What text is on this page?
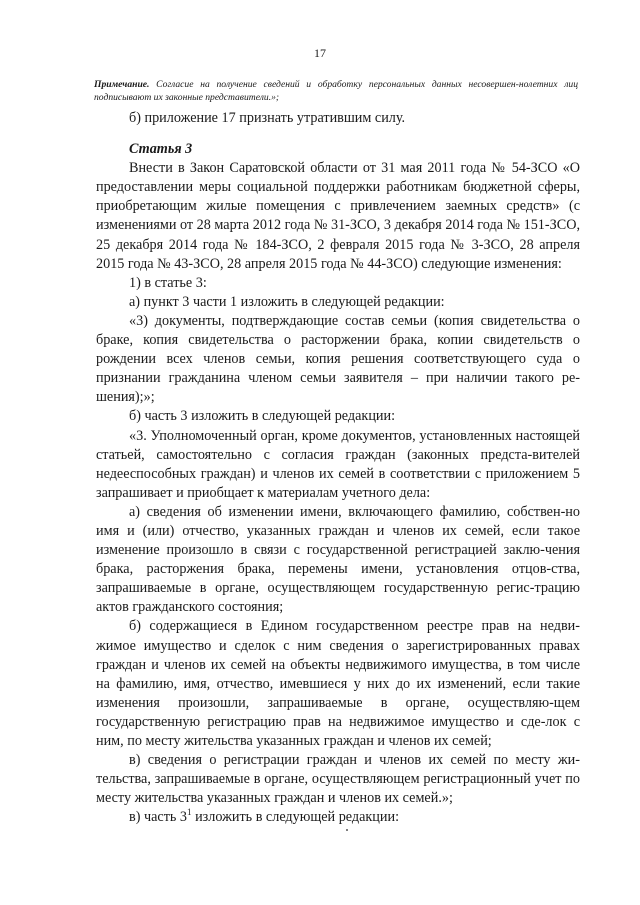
17
Примечание. Согласие на получение сведений и обработку персональных данных несовершен-нолетних лиц подписывают их законные представители.»;

б) приложение 17 признать утратившим силу.

Статья 3

Внести в Закон Саратовской области от 31 мая 2011 года № 54-ЗСО «О предоставлении меры социальной поддержки работникам бюджетной сферы, приобретающим жилые помещения с привлечением заемных средств» (с изменениями от 28 марта 2012 года № 31-ЗСО, 3 декабря 2014 года № 151-ЗСО, 25 декабря 2014 года № 184-ЗСО, 2 февраля 2015 года № 3-ЗСО, 28 апреля 2015 года № 43-ЗСО, 28 апреля 2015 года № 44-ЗСО) следующие изменения:

1) в статье 3:

а) пункт 3 части 1 изложить в следующей редакции:

«3) документы, подтверждающие состав семьи (копия свидетельства о браке, копия свидетельства о расторжении брака, копии свидетельств о рождении всех членов семьи, копия решения соответствующего суда о признании гражданина членом семьи заявителя – при наличии такого ре-шения);»;

б) часть 3 изложить в следующей редакции:

«3. Уполномоченный орган, кроме документов, установленных настоящей статьей, самостоятельно с согласия граждан (законных предста-вителей недееспособных граждан) и членов их семей в соответствии с приложением 5 запрашивает и приобщает к материалам учетного дела:

а) сведения об изменении имени, включающего фамилию, собствен-но имя и (или) отчество, указанных граждан и членов их семей, если такое изменение произошло в связи с государственной регистрацией заклю-чения брака, расторжения брака, перемены имени, установления отцов-ства, запрашиваемые в органе, осуществляющем государственную регис-трацию актов гражданского состояния;

б) содержащиеся в Едином государственном реестре прав на недви-жимое имущество и сделок с ним сведения о зарегистрированных правах граждан и членов их семей на объекты недвижимого имущества, в том числе на фамилию, имя, отчество, имевшиеся у них до их изменений, если такие изменения произошли, запрашиваемые в органе, осуществляю-щем государственную регистрацию прав на недвижимое имущество и сде-лок с ним, по месту жительства указанных граждан и членов их семей;

в) сведения о регистрации граждан и членов их семей по месту жи-тельства, запрашиваемые в органе, осуществляющем регистрационный учет по месту жительства указанных граждан и членов их семей.»;

в) часть $3^1$ изложить в следующей редакции:
